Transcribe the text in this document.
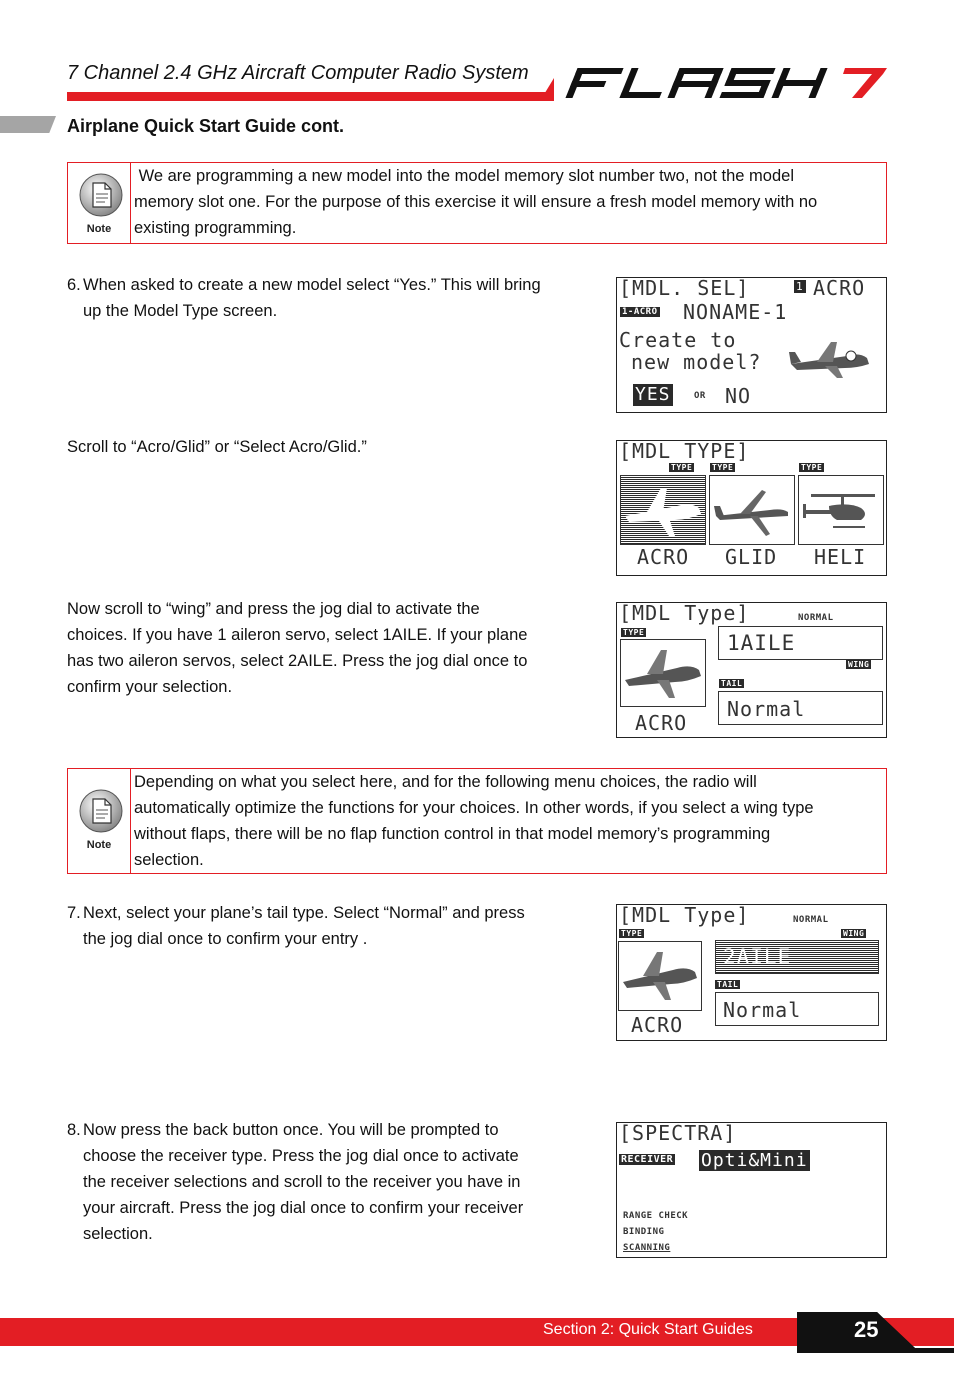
7 Channel 2.4 GHz Aircraft Computer Radio System
Airplane Quick Start Guide cont.
Note
We are programming a new model into the model memory slot number two, not the model
memory slot one. For the purpose of this exercise it will ensure a fresh model memory with no
existing programming.
6. When asked to create a new model select “Yes.” This will bring
up the Model Type screen.
[MDL. SEL]	1 ACRO
1-ACRO NONAME-1
Create to
new model?
YES	OR NO
Scroll to “Acro/Glid” or “Select Acro/Glid.”	[MDL TYPE]
TYPE TYPE	TYPE
ACRO GLID HELI
Now scroll to “wing” and press the jog dial to activate the
choices. If you have 1 aileron servo, select 1AILE. If your plane
has two aileron servos, select 2AILE. Press the jog dial once to
confirm your selection.
[MDL Type]	NORMAL
TYPE	1AILE
WING
TAIL
Normal
ACRO
Note
Depending on what you select here, and for the following menu choices, the radio will
automatically optimize the functions for your choices. In other words, if you select a wing type
without flaps, there will be no flap function control in that model memory’s programming
selection.
7. Next, select your plane’s tail type. Select “Normal” and press
the jog dial once to confirm your entry .
[MDL Type]	NORMAL
TYPE	WING
2AILE
TAIL
Normal
ACRO
8. Now press the back button once. You will be prompted to
choose the receiver type. Press the jog dial once to activate
the receiver selections and scroll to the receiver you have in
your aircraft. Press the jog dial once to confirm your receiver
selection.
[SPECTRA]
RECEIVER Opti&Mini
RANGE CHECK
BINDING
SCANNING
Section 2: Quick Start Guides	25
